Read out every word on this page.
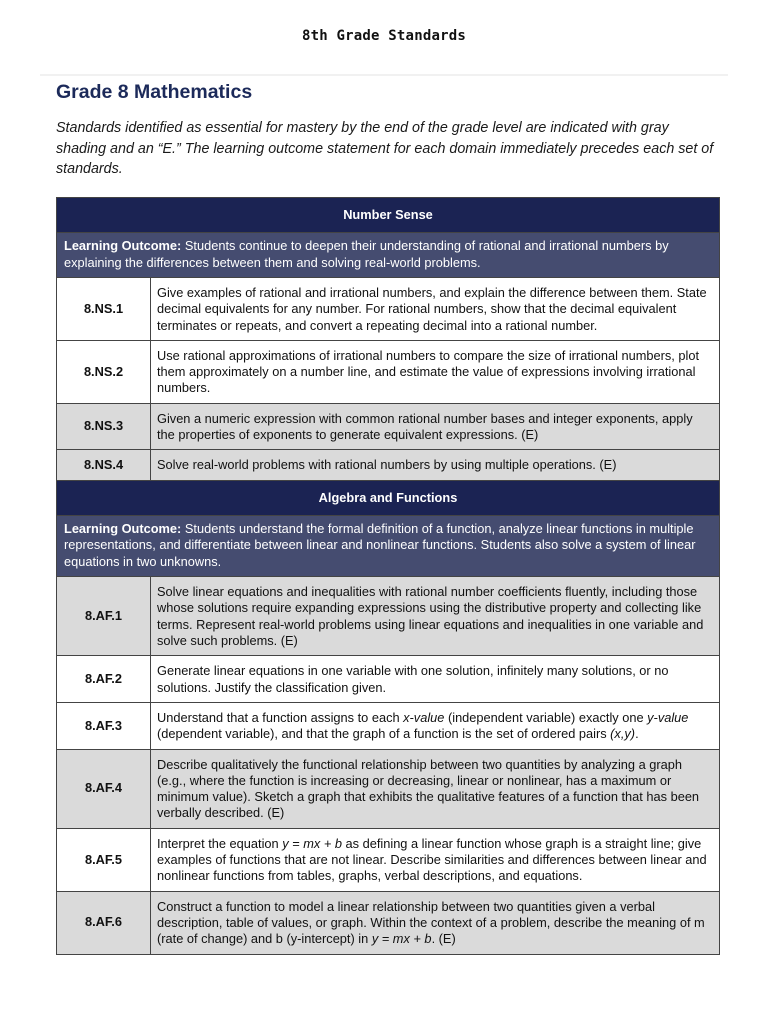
8th Grade Standards
Grade 8 Mathematics
Standards identified as essential for mastery by the end of the grade level are indicated with gray shading and an “E.” The learning outcome statement for each domain immediately precedes each set of standards.
Number Sense	
Learning Outcome: Students continue to deepen their understanding of rational and irrational numbers by explaining the differences between them and solving real-world problems.	
8.NS.1	Give examples of rational and irrational numbers, and explain the difference between them. State decimal equivalents for any number. For rational numbers, show that the decimal equivalent terminates or repeats, and convert a repeating decimal into a rational number.
8.NS.2	Use rational approximations of irrational numbers to compare the size of irrational numbers, plot them approximately on a number line, and estimate the value of expressions involving irrational numbers.
8.NS.3	Given a numeric expression with common rational number bases and integer exponents, apply the properties of exponents to generate equivalent expressions. (E)
8.NS.4	Solve real-world problems with rational numbers by using multiple operations. (E)
Algebra and Functions	
Learning Outcome: Students understand the formal definition of a function, analyze linear functions in multiple representations, and differentiate between linear and nonlinear functions. Students also solve a system of linear equations in two unknowns.	
8.AF.1	Solve linear equations and inequalities with rational number coefficients fluently, including those whose solutions require expanding expressions using the distributive property and collecting like terms. Represent real-world problems using linear equations and inequalities in one variable and solve such problems. (E)
8.AF.2	Generate linear equations in one variable with one solution, infinitely many solutions, or no solutions. Justify the classification given.
8.AF.3	Understand that a function assigns to each x-value (independent variable) exactly one y-value (dependent variable), and that the graph of a function is the set of ordered pairs (x,y).
8.AF.4	Describe qualitatively the functional relationship between two quantities by analyzing a graph (e.g., where the function is increasing or decreasing, linear or nonlinear, has a maximum or minimum value). Sketch a graph that exhibits the qualitative features of a function that has been verbally described. (E)
8.AF.5	Interpret the equation y = mx + b as defining a linear function whose graph is a straight line; give examples of functions that are not linear. Describe similarities and differences between linear and nonlinear functions from tables, graphs, verbal descriptions, and equations.
8.AF.6	Construct a function to model a linear relationship between two quantities given a verbal description, table of values, or graph. Within the context of a problem, describe the meaning of m (rate of change) and b (y-intercept) in y = mx + b. (E)
